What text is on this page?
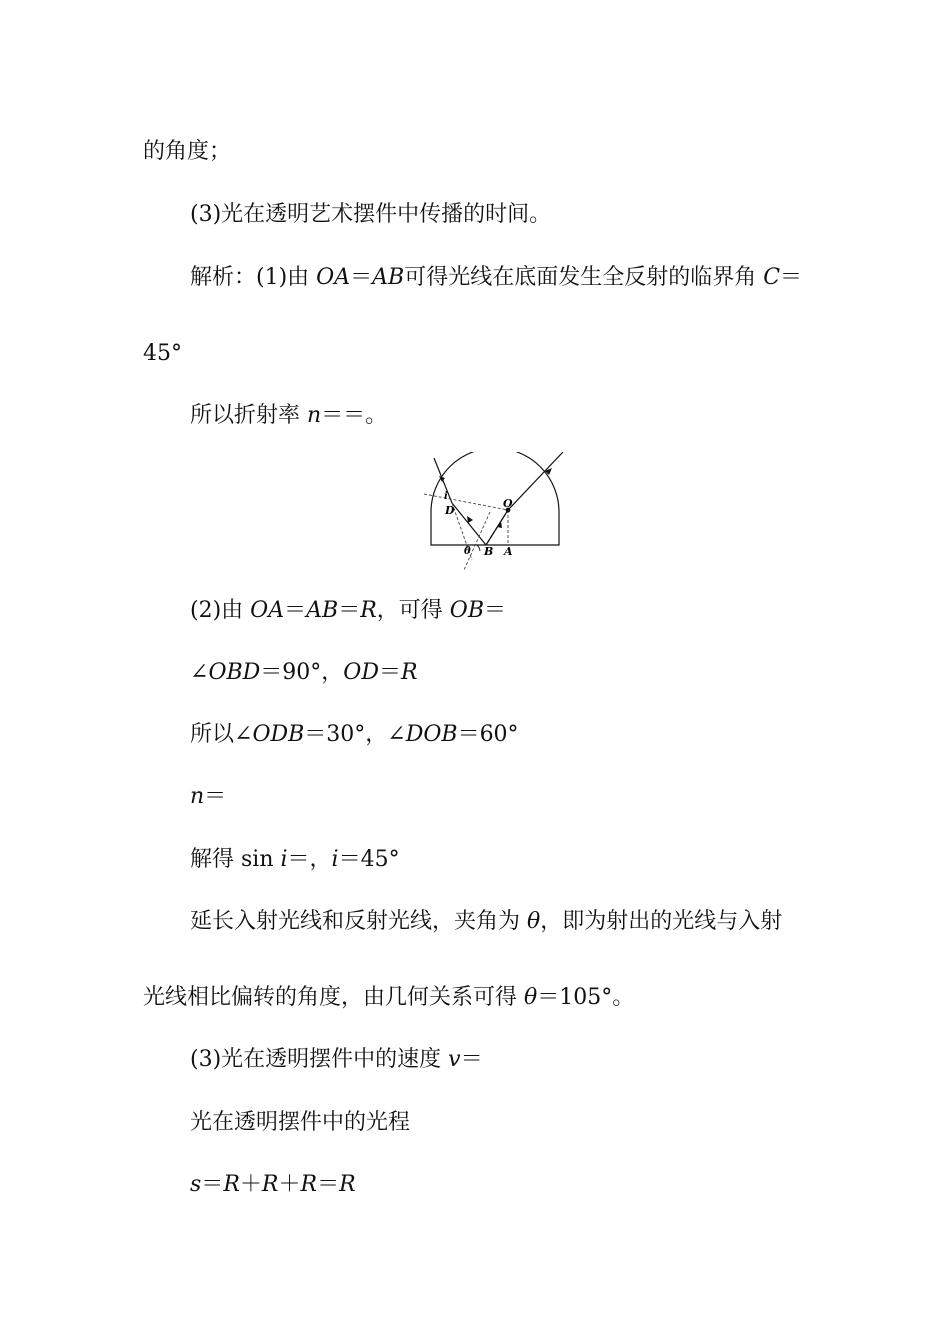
的角度；
(3)光在透明艺术摆件中传播的时间。
解析：(1)由 OA＝AB可得光线在底面发生全反射的临界角 C＝
45°
所以折射率 n＝＝。
i
D
O
θ B A
(2)由 OA＝AB＝R，可得 OB＝
∠OBD＝90°，OD＝R
所以∠ODB＝30°，∠DOB＝60°
n＝
解得 sin i＝，i＝45°
延长入射光线和反射光线，夹角为 θ，即为射出的光线与入射
光线相比偏转的角度，由几何关系可得 θ＝105°。
(3)光在透明摆件中的速度 v＝
光在透明摆件中的光程
s＝R＋R＋R＝R
